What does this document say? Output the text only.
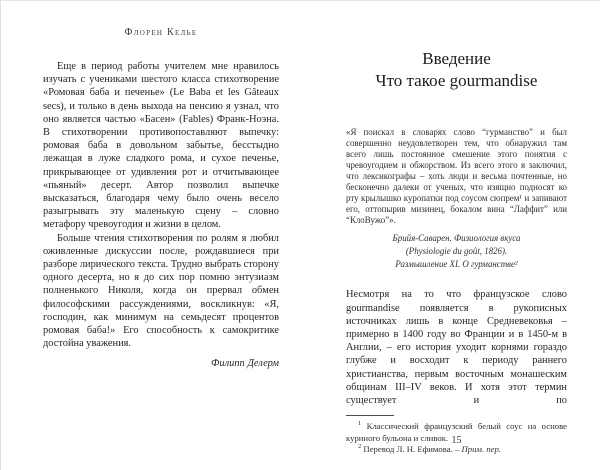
Флорен Келье

Еще в период работы учителем мне нравилось изучать с учениками шестого класса стихотворение «Ромовая баба и печенье» (Le Baba et les Gâteaux secs), и только в день выхода на пенсию я узнал, что оно является частью «Басен» (Fables) Франк-Ноэна. В стихотворении противопоставляют выпечку: ромовая баба в довольном забытье, бесстыдно лежащая в луже сладкого рома, и сухое печенье, прикрывающее от удивления рот и отчитывающее «пьяный» десерт. Автор позволил выпечке высказаться, благодаря чему было очень весело разыгрывать эту маленькую сцену – словно метафору чревоугодия и жизни в целом.

Больше чтения стихотворения по ролям я любил оживленные дискуссии после, рождавшиеся при разборе лирического текста. Трудно выбрать сторону одного десерта, но я до сих пор помню энтузиазм полненького Николя, когда он прервал обмен философскими рассуждениями, воскликнув: «Я, господин, как минимум на семьдесят процентов ромовая баба!» Его способность к самокритике достойна уважения.

Филипп Делерм

Введение
Что такое gourmandise

«Я поискал в словарях слово “гурманство” и был совершенно неудовлетворен тем, что обнаружил там всего лишь постоянное смешение этого понятия с чревоугодием и обжорством. Из всего этого я заключил, что лексикографы – хоть люди и весьма почтенные, но бесконечно далеки от ученых, что изящно подносят ко рту крылышко куропатки под соусом сюпрем¹ и запивают его, оттопырив мизинец, бокалом вина “Лаффит” или “КлоВужо”».

Брийя-Саварен. Физиология вкуса
(Physiologie du goût, 1826).
Размышление XI. О гурманстве²

Несмотря на то что французское слово gourmandise появляется в рукописных источниках лишь в конце Средневековья – примерно в 1400 году во Франции и в 1450-м в Англии, – его история уходит корнями гораздо глубже и восходит к периоду раннего христианства, первым восточным монашеским общинам III–IV веков. И хотя этот термин существует и по

$^1$ Классический французский белый соус на основе куриного бульона и сливок.

$^2$ Перевод Л. Н. Ефимова. – Прим. пер.

15
